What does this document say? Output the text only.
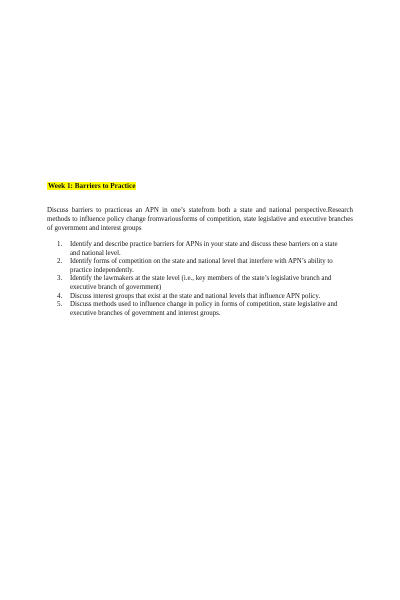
Week 1: Barriers to Practice

Discuss barriers to practiceas an APN in one’s statefrom both a state and national perspective.Research methods to influence policy change fromvariousforms of competition, state legislative and executive branches of government and interest groups

1. Identify and describe practice barriers for APNs in your state and discuss these barriers on a state and national level.
2. Identify forms of competition on the state and national level that interfere with APN’s ability to practice independently.
3. Identify the lawmakers at the state level (i.e., key members of the state’s legislative branch and executive branch of government)
4. Discuss interest groups that exist at the state and national levels that influence APN policy.
5. Discuss methods used to influence change in policy in forms of competition, state legislative and executive branches of government and interest groups.
